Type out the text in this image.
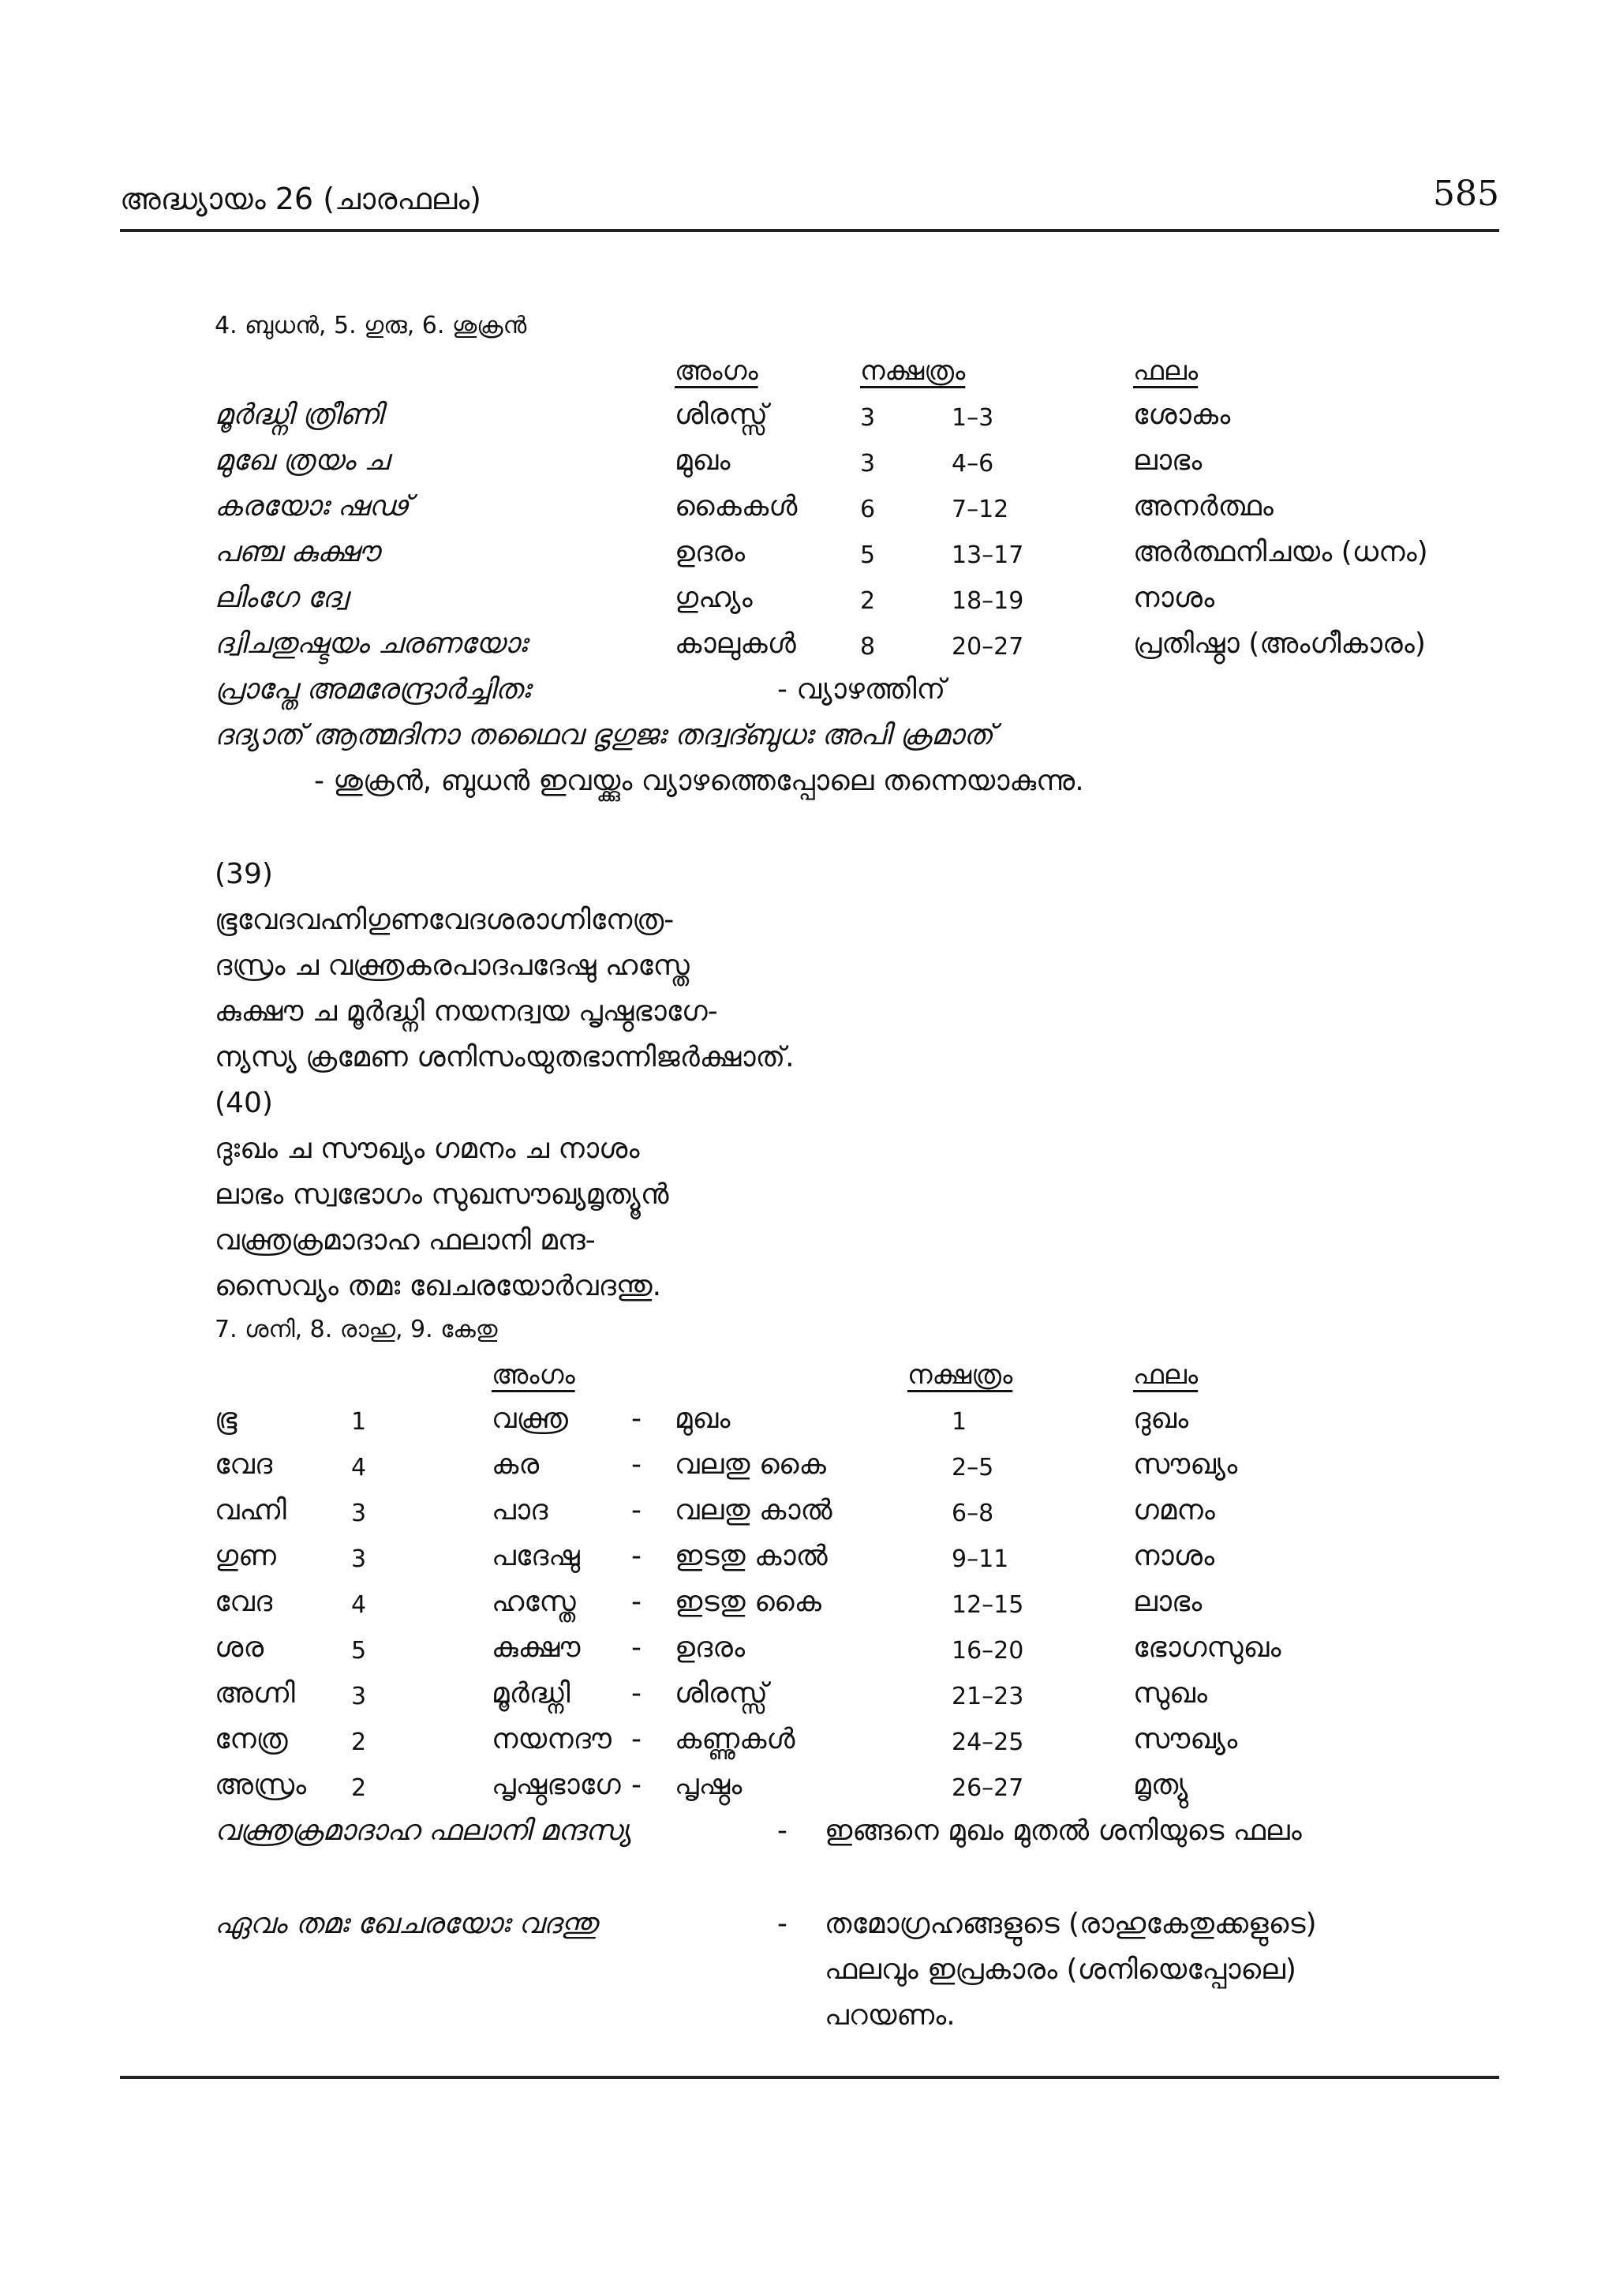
അദ്ധ്യായം 26 (ചാരഫലം)	585
4. ബുധൻ, 5. ഗുരു, 6. ശുക്രൻ
അംഗം	നക്ഷത്രം	ഫലം
മൂർദ്ധ്നി ത്രീണി	ശിരസ്സ്	3	1–3	ശോകം
മുഖേ ത്രയം ച	മുഖം	3	4–6	ലാഭം
കരയോഃ ഷഢ്	കൈകൾ	6	7–12	അനർത്ഥം
പഞ്ച കുക്ഷൗ	ഉദരം	5	13–17	അർത്ഥനിചയം (ധനം)
ലിംഗേ ദ്വേ	ഗുഹ്യം	2	18–19	നാശം
ദ്വിചതുഷ്ടയം ചരണയോഃ	കാലുകൾ	8	20–27	പ്രതിഷ്ഠാ (അംഗീകാരം)
പ്രാപ്തേ അമരേന്ദ്രാർച്ചിതഃ	- വ്യാഴത്തിന്
ദദ്യാത് ആത്മദിനാ തഥൈവ ഭൃഗുജഃ തദ്വദ്ബുധഃ അപി ക്രമാത്
- ശുക്രൻ, ബുധൻ ഇവയ്ക്കും വ്യാഴത്തെപ്പോലെ തന്നെയാകുന്നു.
(39)
ഭൂവേദവഹ്നിഗുണവേദശരാഗ്നിനേത്ര-
ദസ്രം ച വക്ത്രകരപാദപദേഷു ഹസ്തേ
കുക്ഷൗ ച മൂർദ്ധ്നി നയനദ്വയ പൃഷ്ഠഭാഗേ-
ന്യസ്യ ക്രമേണ ശനിസംയുതഭാന്നിജർക്ഷാത്.
(40)
ദുഃഖം ച സൗഖ്യം ഗമനം ച നാശം
ലാഭം സ്വഭോഗം സുഖസൗഖ്യമൃത്യൂൻ
വക്ത്രക്രമാദാഹ ഫലാനി മന്ദ-
സൈവ്യം തമഃ ഖേചരയോർവദന്തു.
7. ശനി, 8. രാഹു, 9. കേതു
അംഗം	നക്ഷത്രം	ഫലം
ഭൂ	1	വക്ത്ര - മുഖം	1	ദുഖം
വേദ	4	കര	- വലതു കൈ	2–5	സൗഖ്യം
വഹ്നി	3	പാദ	- വലതു കാൽ	6–8	ഗമനം
ഗുണ	3	പദേഷു - ഇടതു കാൽ	9–11	നാശം
വേദ	4	ഹസ്തേ - ഇടതു കൈ	12–15	ലാഭം
ശര	5	കുക്ഷൗ - ഉദരം	16–20	ഭോഗസുഖം
അഗ്നി 3	മൂർദ്ധ്നി - ശിരസ്സ്	21–23	സുഖം
നേത്ര	2	നയനദൗ - കണ്ണുകൾ	24–25	സൗഖ്യം
അസ്രം 2	പൃഷ്ഠഭാഗേ - പൃഷ്ഠം	26–27	മൃത്യു
വക്ത്രക്രമാദാഹ ഫലാനി മന്ദസ്യ	- ഇങ്ങനെ മുഖം മുതൽ ശനിയുടെ ഫലം
ഏവം തമഃ ഖേചരയോഃ വദന്തു	- തമോഗ്രഹങ്ങളുടെ (രാഹുകേതുക്കളുടെ)
ഫലവും ഇപ്രകാരം (ശനിയെപ്പോലെ)
പറയണം.
